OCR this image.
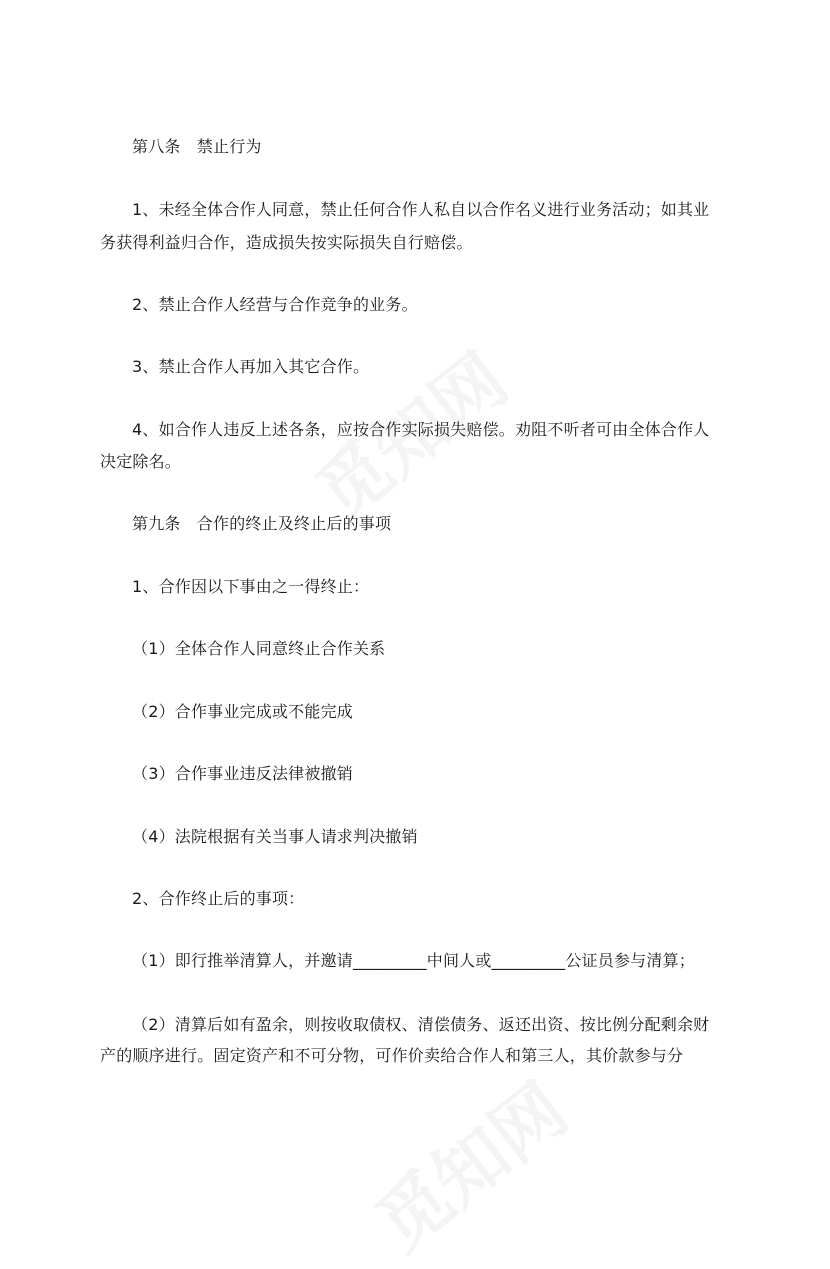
第八条　禁止行为
1、未经全体合作人同意，禁止任何合作人私自以合作名义进行业务活动；如其业
务获得利益归合作，造成损失按实际损失自行赔偿。
2、禁止合作人经营与合作竞争的业务。
3、禁止合作人再加入其它合作。
4、如合作人违反上述各条，应按合作实际损失赔偿。劝阻不听者可由全体合作人
决定除名。
第九条　合作的终止及终止后的事项
1、合作因以下事由之一得终止：
（1）全体合作人同意终止合作关系
（2）合作事业完成或不能完成
（3）合作事业违反法律被撤销
（4）法院根据有关当事人请求判决撤销
2、合作终止后的事项：
（1）即行推举清算人，并邀请_________中间人或_________公证员参与清算；
（2）清算后如有盈余，则按收取债权、清偿债务、返还出资、按比例分配剩余财
产的顺序进行。固定资产和不可分物，可作价卖给合作人和第三人，其价款参与分
